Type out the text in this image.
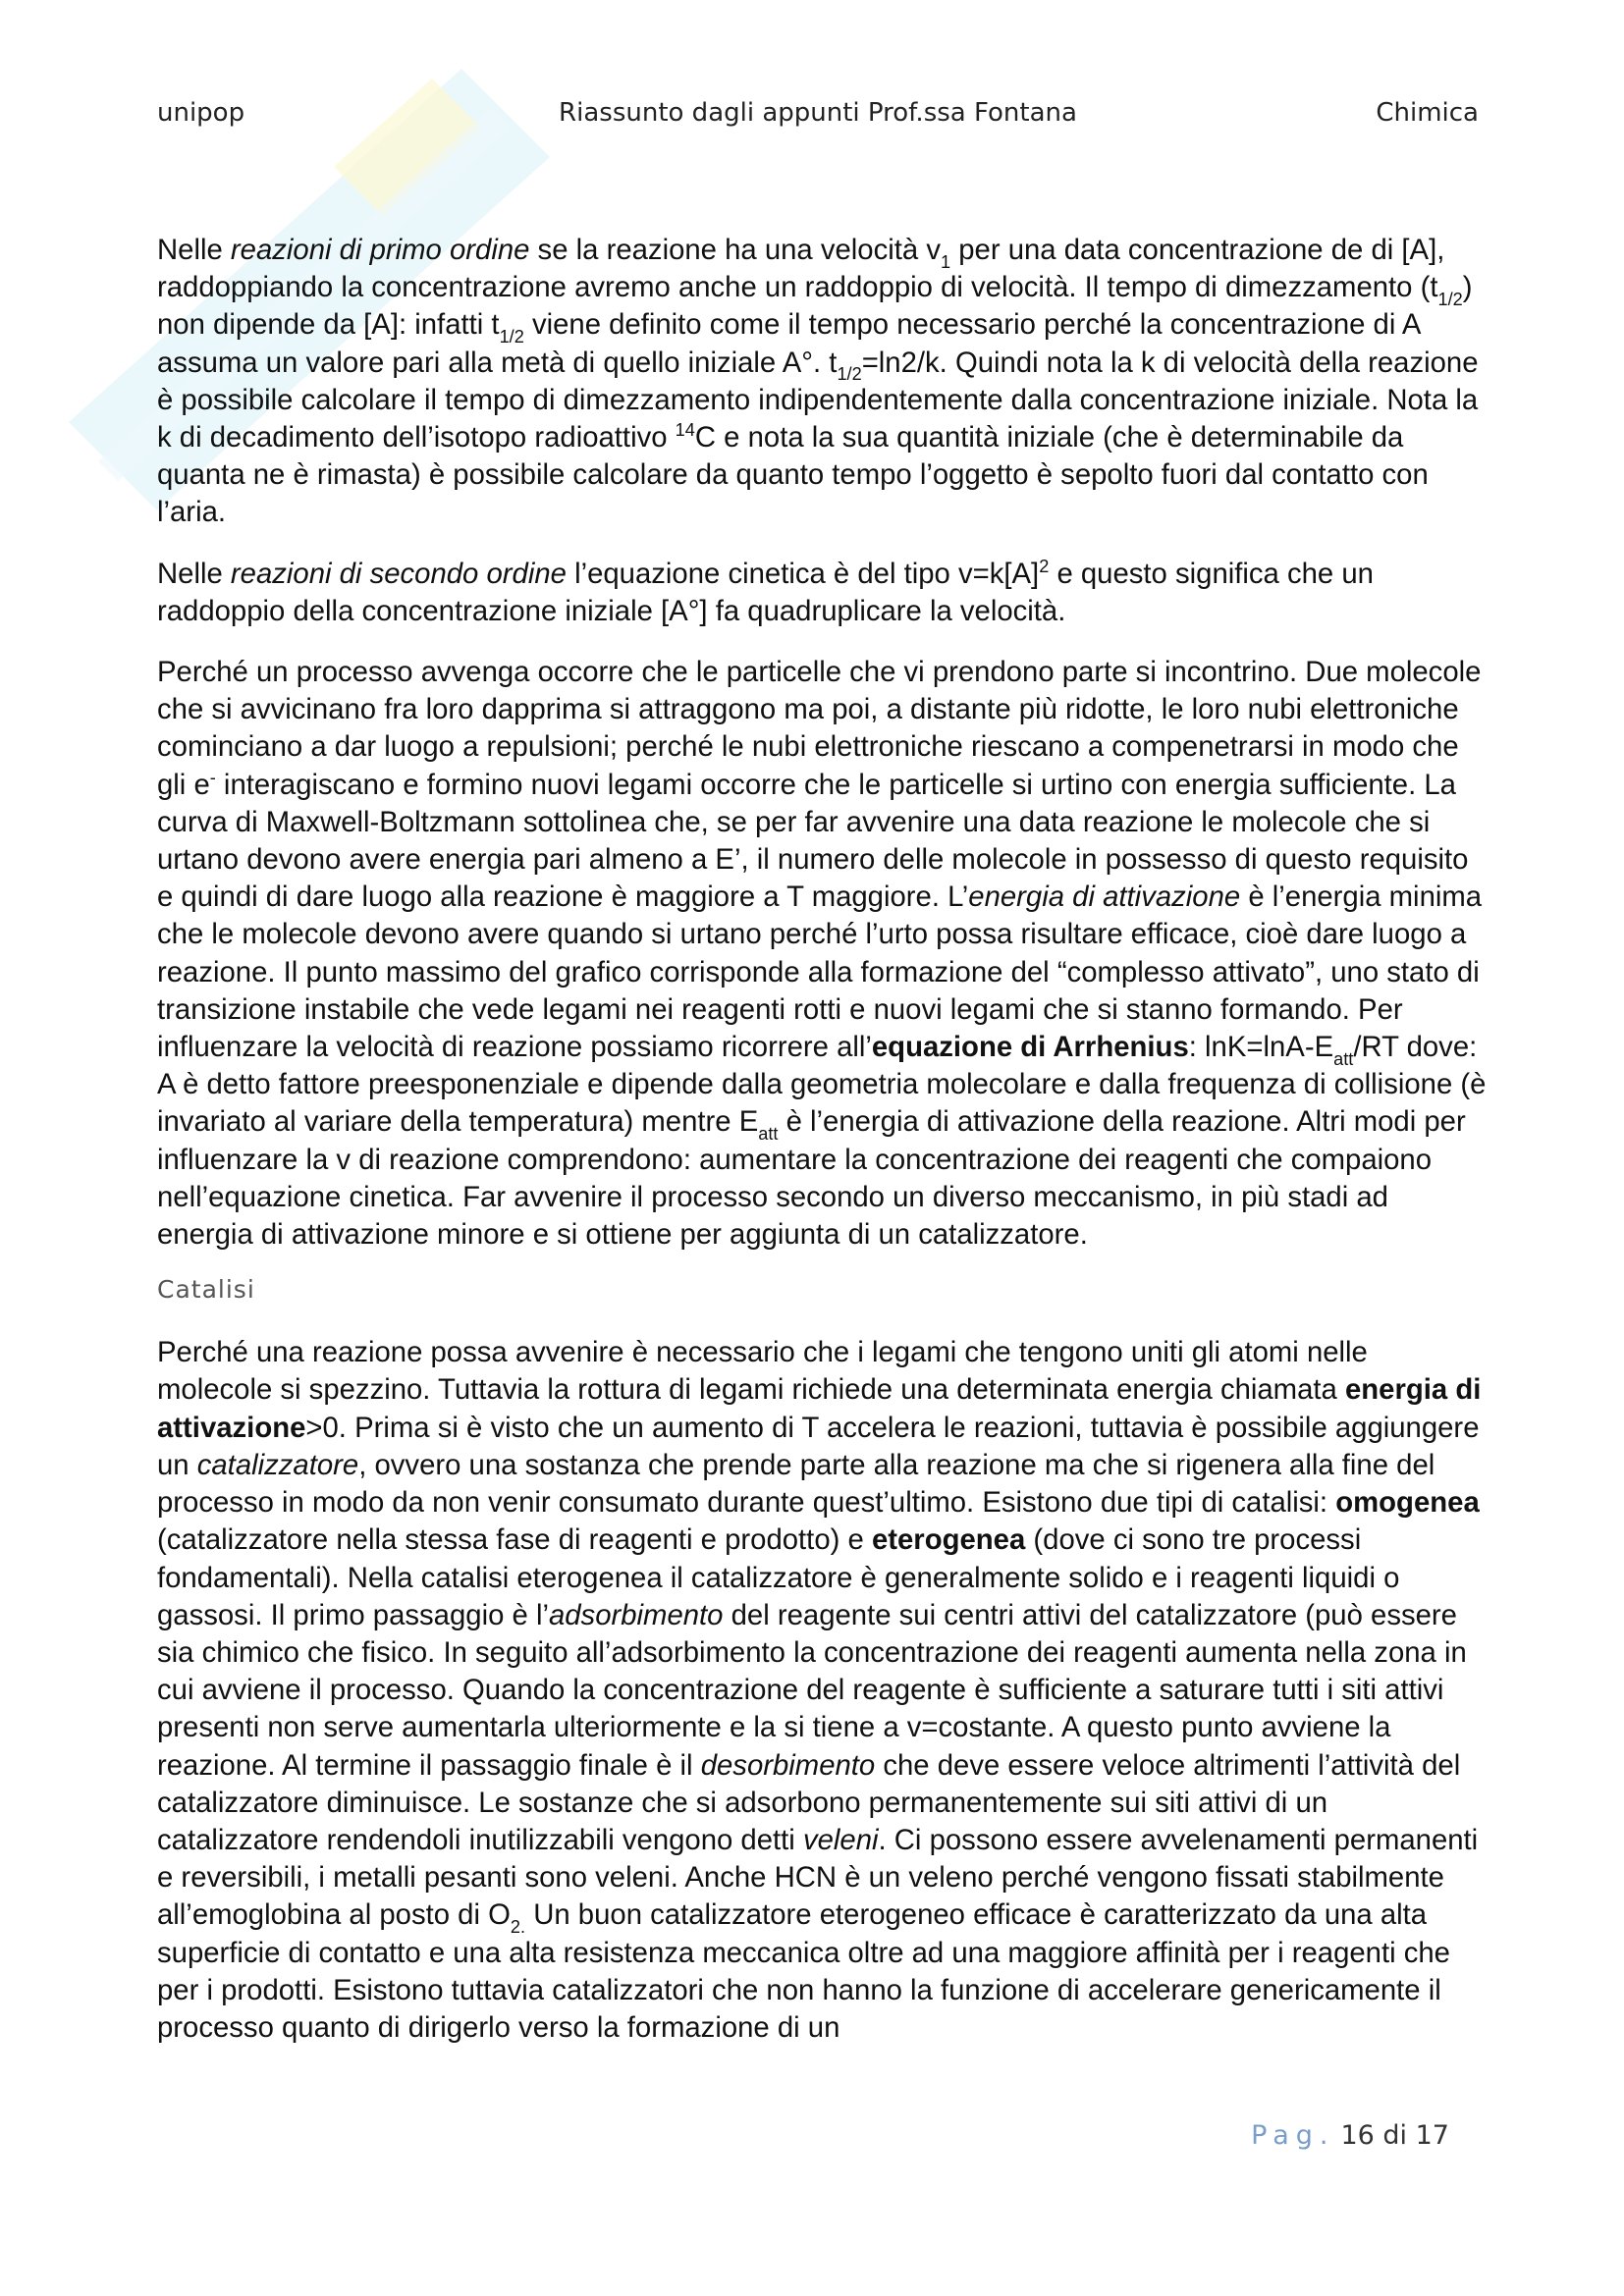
unipop	Riassunto dagli appunti Prof.ssa Fontana	Chimica

Nelle reazioni di primo ordine se la reazione ha una velocità $v_1$ per una data concentrazione de di [A], raddoppiando la concentrazione avremo anche un raddoppio di velocità. Il tempo di dimezzamento $(t_{1/2})$ non dipende da [A]: infatti $t_{1/2}$ viene definito come il tempo necessario perché la concentrazione di A assuma un valore pari alla metà di quello iniziale A°. $t_{1/2}=\ln 2/k$. Quindi nota la k di velocità della reazione è possibile calcolare il tempo di dimezzamento indipendentemente dalla concentrazione iniziale. Nota la k di decadimento dell’isotopo radioattivo $^{14}$C e nota la sua quantità iniziale (che è determinabile da quanta ne è rimasta) è possibile calcolare da quanto tempo l’oggetto è sepolto fuori dal contatto con l’aria.

Nelle reazioni di secondo ordine l’equazione cinetica è del tipo $v=k[A]^2$ e questo significa che un raddoppio della concentrazione iniziale [A°] fa quadruplicare la velocità.

Perché un processo avvenga occorre che le particelle che vi prendono parte si incontrino. Due molecole che si avvicinano fra loro dapprima si attraggono ma poi, a distante più ridotte, le loro nubi elettroniche cominciano a dar luogo a repulsioni; perché le nubi elettroniche riescano a compenetrarsi in modo che gli e- interagiscano e formino nuovi legami occorre che le particelle si urtino con energia sufficiente. La curva di Maxwell-Boltzmann sottolinea che, se per far avvenire una data reazione le molecole che si urtano devono avere energia pari almeno a E’, il numero delle molecole in possesso di questo requisito e quindi di dare luogo alla reazione è maggiore a T maggiore. L’energia di attivazione è l’energia minima che le molecole devono avere quando si urtano perché l’urto possa risultare efficace, cioè dare luogo a reazione. Il punto massimo del grafico corrisponde alla formazione del “complesso attivato”, uno stato di transizione instabile che vede legami nei reagenti rotti e nuovi legami che si stanno formando. Per influenzare la velocità di reazione possiamo ricorrere all’equazione di Arrhenius: $\ln K=\ln A-E_{att}/RT$ dove: A è detto fattore preesponenziale e dipende dalla geometria molecolare e dalla frequenza di collisione (è invariato al variare della temperatura) mentre $E_{att}$ è l’energia di attivazione della reazione. Altri modi per influenzare la v di reazione comprendono: aumentare la concentrazione dei reagenti che compaiono nell’equazione cinetica. Far avvenire il processo secondo un diverso meccanismo, in più stadi ad energia di attivazione minore e si ottiene per aggiunta di un catalizzatore.

Catalisi

Perché una reazione possa avvenire è necessario che i legami che tengono uniti gli atomi nelle molecole si spezzino. Tuttavia la rottura di legami richiede una determinata energia chiamata energia di attivazione>0. Prima si è visto che un aumento di T accelera le reazioni, tuttavia è possibile aggiungere un catalizzatore, ovvero una sostanza che prende parte alla reazione ma che si rigenera alla fine del processo in modo da non venir consumato durante quest’ultimo. Esistono due tipi di catalisi: omogenea (catalizzatore nella stessa fase di reagenti e prodotto) e eterogenea (dove ci sono tre processi fondamentali). Nella catalisi eterogenea il catalizzatore è generalmente solido e i reagenti liquidi o gassosi. Il primo passaggio è l’adsorbimento del reagente sui centri attivi del catalizzatore (può essere sia chimico che fisico. In seguito all’adsorbimento la concentrazione dei reagenti aumenta nella zona in cui avviene il processo. Quando la concentrazione del reagente è sufficiente a saturare tutti i siti attivi presenti non serve aumentarla ulteriormente e la si tiene a v=costante. A questo punto avviene la reazione. Al termine il passaggio finale è il desorbimento che deve essere veloce altrimenti l’attività del catalizzatore diminuisce. Le sostanze che si adsorbono permanentemente sui siti attivi di un catalizzatore rendendoli inutilizzabili vengono detti veleni. Ci possono essere avvelenamenti permanenti e reversibili, i metalli pesanti sono veleni. Anche HCN è un veleno perché vengono fissati stabilmente all’emoglobina al posto di $O_{2.}$ Un buon catalizzatore eterogeneo efficace è caratterizzato da una alta superficie di contatto e una alta resistenza meccanica oltre ad una maggiore affinità per i reagenti che per i prodotti. Esistono tuttavia catalizzatori che non hanno la funzione di accelerare genericamente il processo quanto di dirigerlo verso la formazione di un

Pag. 16 di 17
